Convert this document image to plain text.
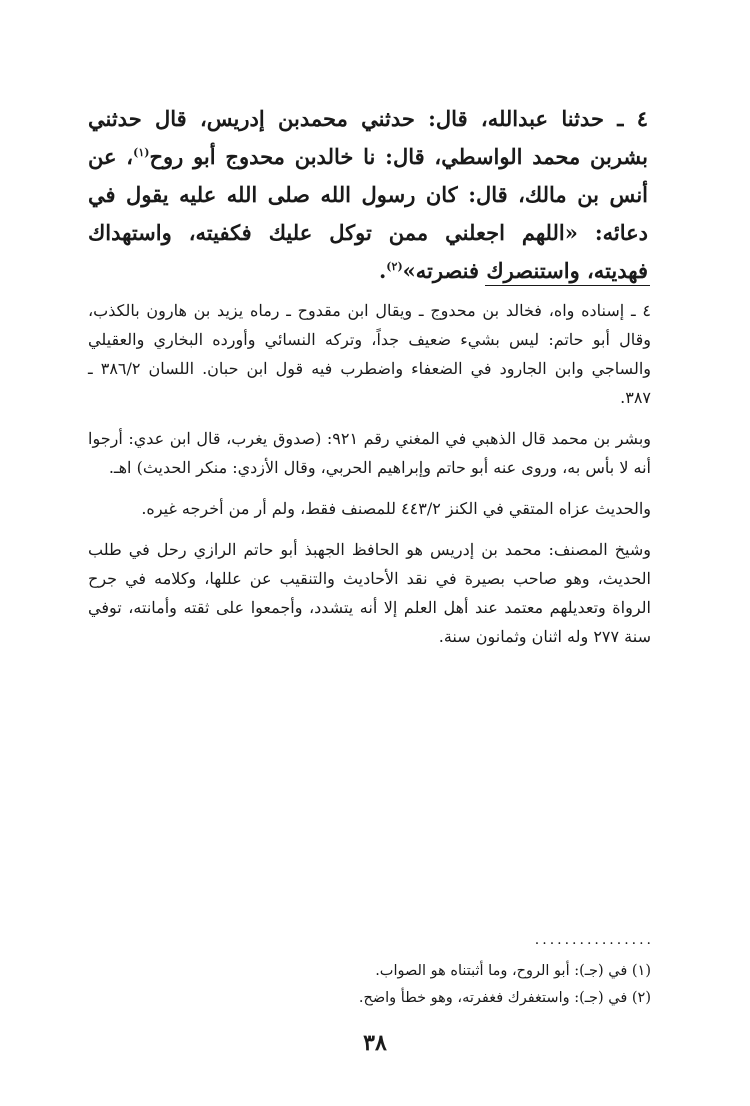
٤ ـ حدثنا عبدالله، قال: حدثني محمدبن إدريس، قال حدثني بشربن محمد الواسطي، قال: نا خالدبن محدوج أبو روح$^{(١)}$، عن أنس بن مالك، قال: كان رسول الله صلى الله عليه يقول في دعائه: «اللهم اجعلني ممن توكل عليك فكفيته، واستهداك فهديته، واستنصرك فنصرته»$^{(٢)}$.

٤ ـ إسناده واه، فخالد بن محدوج ـ ويقال ابن مقدوح ـ رماه يزيد بن هارون بالكذب، وقال أبو حاتم: ليس بشيء ضعيف جداً، وتركه النسائي وأورده البخاري والعقيلي والساجي وابن الجارود في الضعفاء واضطرب فيه قول ابن حبان. اللسان ٣٨٦/٢ ـ ٣٨٧.

وبشر بن محمد قال الذهبي في المغني رقم ٩٢١: (صدوق يغرب، قال ابن عدي: أرجوا أنه لا بأس به، وروى عنه أبو حاتم وإبراهيم الحربي، وقال الأزدي: منكر الحديث) اهـ.

والحديث عزاه المتقي في الكنز ٤٤٣/٢ للمصنف فقط، ولم أر من أخرجه غيره.

وشيخ المصنف: محمد بن إدريس هو الحافظ الجهبذ أبو حاتم الرازي رحل في طلب الحديث، وهو صاحب بصيرة في نقد الأحاديث والتنقيب عن عللها، وكلامه في جرح الرواة وتعديلهم معتمد عند أهل العلم إلا أنه يتشدد، وأجمعوا على ثقته وأمانته، توفي سنة ٢٧٧ وله اثنان وثمانون سنة.

................
(١) في (جـ): أبو الروح، وما أثبتناه هو الصواب.
(٢) في (جـ): واستغفرك فغفرته، وهو خطأ واضح.
٣٨
